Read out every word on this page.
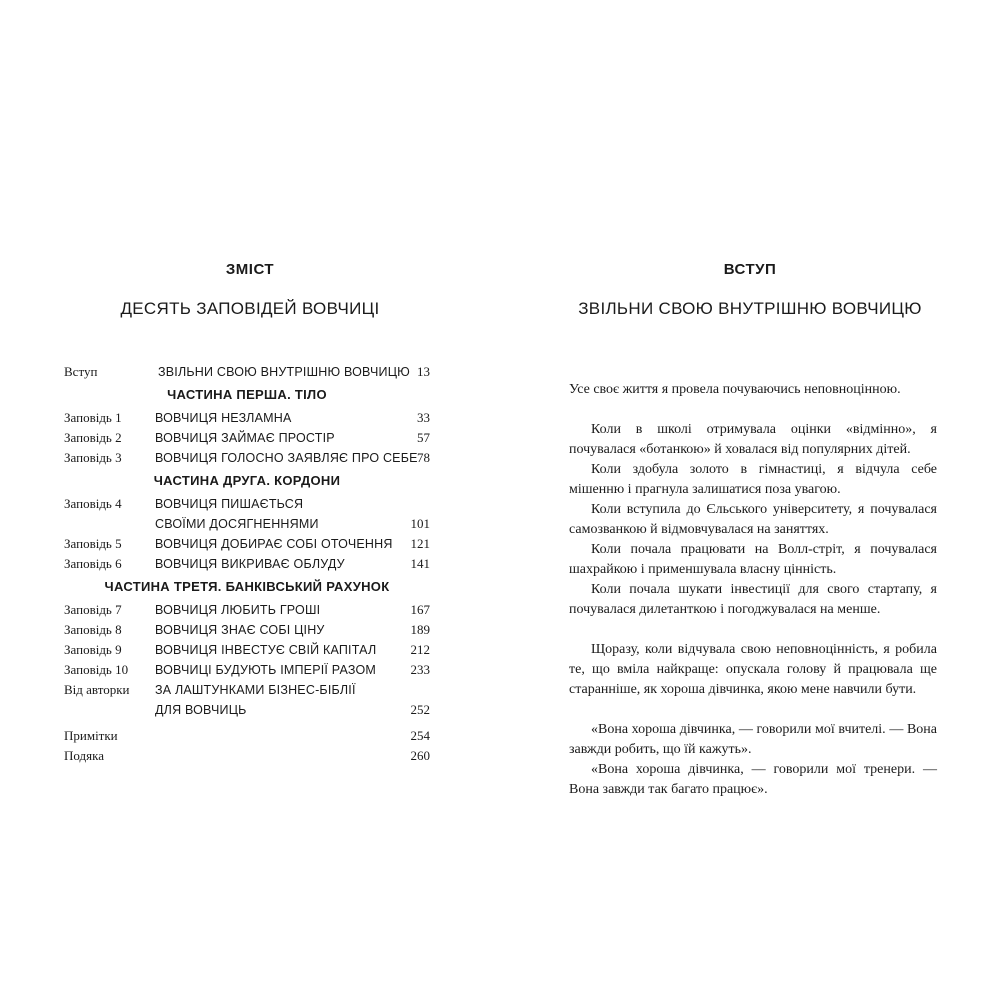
ЗМІСТ
ДЕСЯТЬ ЗАПОВІДЕЙ ВОВЧИЦІ
Вступ	ЗВІЛЬНИ СВОЮ ВНУТРІШНЮ ВОВЧИЦЮ 13
ЧАСТИНА ПЕРША. ТІЛО
Заповідь 1	ВОВЧИЦЯ НЕЗЛАМНА	33
Заповідь 2	ВОВЧИЦЯ ЗАЙМАЄ ПРОСТІР	57
Заповідь 3	ВОВЧИЦЯ ГОЛОСНО ЗАЯВЛЯЄ ПРО СЕБЕ 78
ЧАСТИНА ДРУГА. КОРДОНИ
Заповідь 4	ВОВЧИЦЯ ПИШАЄТЬСЯ
СВОЇМИ ДОСЯГНЕННЯМИ	101
Заповідь 5	ВОВЧИЦЯ ДОБИРАЄ СОБІ ОТОЧЕННЯ 121
Заповідь 6	ВОВЧИЦЯ ВИКРИВАЄ ОБЛУДУ	141
ЧАСТИНА ТРЕТЯ. БАНКІВСЬКИЙ РАХУНОК
Заповідь 7	ВОВЧИЦЯ ЛЮБИТЬ ГРОШІ	167
Заповідь 8	ВОВЧИЦЯ ЗНАЄ СОБІ ЦІНУ	189
Заповідь 9	ВОВЧИЦЯ ІНВЕСТУЄ СВІЙ КАПІТАЛ	212
Заповідь 10 ВОВЧИЦІ БУДУЮТЬ ІМПЕРІЇ РАЗОМ	233
Від авторки ЗА ЛАШТУНКАМИ БІЗНЕС-БІБЛІЇ
ДЛЯ ВОВЧИЦЬ	252
Примітки	254
Подяка	260
ВСТУП
ЗВІЛЬНИ СВОЮ ВНУТРІШНЮ ВОВЧИЦЮ

Усе своє життя я провела почуваючись неповноцінною.

Коли в школі отримувала оцінки «відмінно», я почувалася «ботанкою» й ховалася від популярних дітей.

Коли здобула золото в гімнастиці, я відчула себе мішенню і прагнула залишатися поза увагою.

Коли вступила до Єльського університету, я почувалася самозванкою й відмовчувалася на заняттях.

Коли почала працювати на Волл-стріт, я почувалася шахрайкою і применшувала власну цінність.

Коли почала шукати інвестиції для свого стартапу, я почувалася дилетанткою і погоджувалася на менше.

Щоразу, коли відчувала свою неповноцінність, я робила те, що вміла найкраще: опускала голову й працювала ще старанніше, як хороша дівчинка, якою мене навчили бути.

«Вона хороша дівчинка, — говорили мої вчителі. — Вона завжди робить, що їй кажуть».

«Вона хороша дівчинка, — говорили мої тренери. — Вона завжди так багато працює».
